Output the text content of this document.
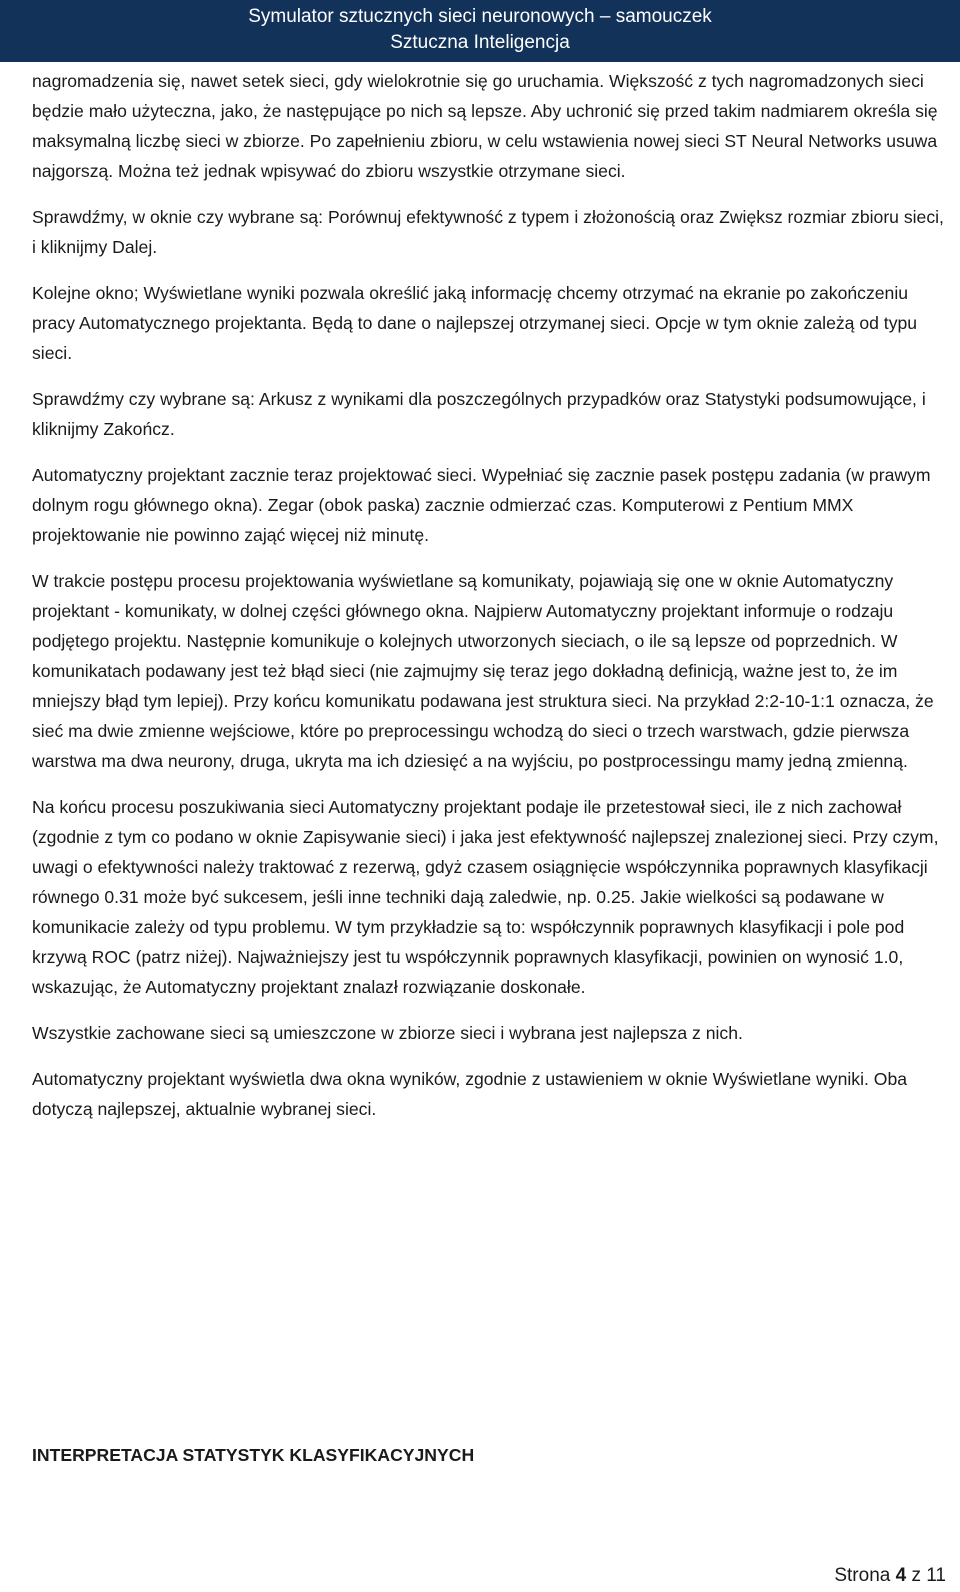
Symulator sztucznych sieci neuronowych – samouczek
Sztuczna Inteligencja

nagromadzenia się, nawet setek sieci, gdy wielokrotnie się go uruchamia. Większość z tych nagromadzonych sieci będzie mało użyteczna, jako, że następujące po nich są lepsze. Aby uchronić się przed takim nadmiarem określa się maksymalną liczbę sieci w zbiorze. Po zapełnieniu zbioru, w celu wstawienia nowej sieci ST Neural Networks usuwa najgorszą. Można też jednak wpisywać do zbioru wszystkie otrzymane sieci.

Sprawdźmy, w oknie czy wybrane są: Porównuj efektywność z typem i złożonością oraz Zwiększ rozmiar zbioru sieci, i kliknijmy Dalej.

Kolejne okno; Wyświetlane wyniki pozwala określić jaką informację chcemy otrzymać na ekranie po zakończeniu pracy Automatycznego projektanta. Będą to dane o najlepszej otrzymanej sieci. Opcje w tym oknie zależą od typu sieci.

Sprawdźmy czy wybrane są: Arkusz z wynikami dla poszczególnych przypadków oraz Statystyki podsumowujące, i kliknijmy Zakończ.

Automatyczny projektant zacznie teraz projektować sieci. Wypełniać się zacznie pasek postępu zadania (w prawym dolnym rogu głównego okna). Zegar (obok paska) zacznie odmierzać czas. Komputerowi z Pentium MMX projektowanie nie powinno zająć więcej niż minutę.

W trakcie postępu procesu projektowania wyświetlane są komunikaty, pojawiają się one w oknie Automatyczny projektant - komunikaty, w dolnej części głównego okna. Najpierw Automatyczny projektant informuje o rodzaju podjętego projektu. Następnie komunikuje o kolejnych utworzonych sieciach, o ile są lepsze od poprzednich. W komunikatach podawany jest też błąd sieci (nie zajmujmy się teraz jego dokładną definicją, ważne jest to, że im mniejszy błąd tym lepiej). Przy końcu komunikatu podawana jest struktura sieci. Na przykład 2:2-10-1:1 oznacza, że sieć ma dwie zmienne wejściowe, które po preprocessingu wchodzą do sieci o trzech warstwach, gdzie pierwsza warstwa ma dwa neurony, druga, ukryta ma ich dziesięć a na wyjściu, po postprocessingu mamy jedną zmienną.

Na końcu procesu poszukiwania sieci Automatyczny projektant podaje ile przetestował sieci, ile z nich zachował (zgodnie z tym co podano w oknie Zapisywanie sieci) i jaka jest efektywność najlepszej znalezionej sieci. Przy czym, uwagi o efektywności należy traktować z rezerwą, gdyż czasem osiągnięcie współczynnika poprawnych klasyfikacji równego 0.31 może być sukcesem, jeśli inne techniki dają zaledwie, np. 0.25. Jakie wielkości są podawane w komunikacie zależy od typu problemu. W tym przykładzie są to: współczynnik poprawnych klasyfikacji i pole pod krzywą ROC (patrz niżej). Najważniejszy jest tu współczynnik poprawnych klasyfikacji, powinien on wynosić 1.0, wskazując, że Automatyczny projektant znalazł rozwiązanie doskonałe.

Wszystkie zachowane sieci są umieszczone w zbiorze sieci i wybrana jest najlepsza z nich.

Automatyczny projektant wyświetla dwa okna wyników, zgodnie z ustawieniem w oknie Wyświetlane wyniki. Oba dotyczą najlepszej, aktualnie wybranej sieci.

INTERPRETACJA STATYSTYK KLASYFIKACYJNYCH
Strona 4 z 11
